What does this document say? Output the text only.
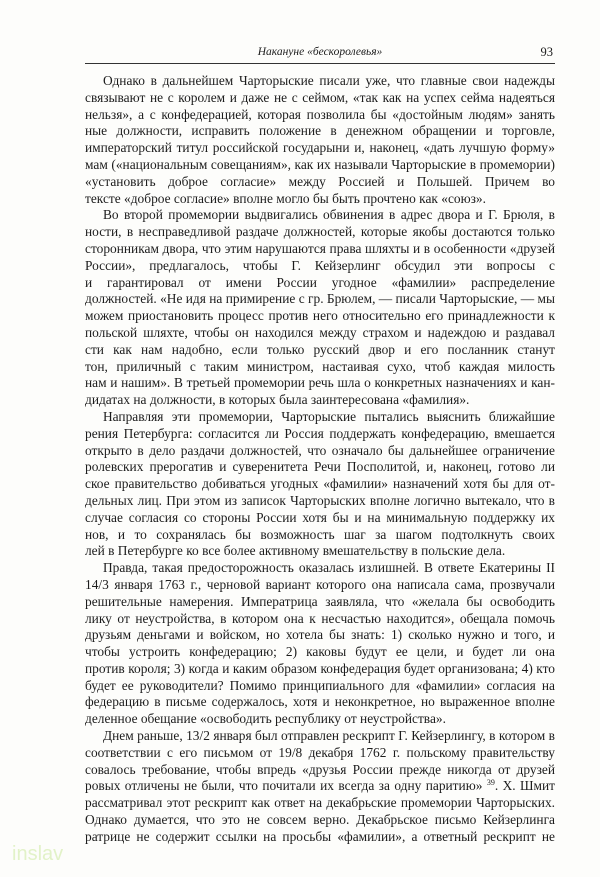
Накануне «бескоролевья»	93
Однако в дальнейшем Чарторыские писали уже, что главные свои надежды
связывают не с королем и даже не с сеймом, «так как на успех сейма надеяться
нельзя», а с конфедерацией, которая позволила бы «достойным людям» занять
ные должности, исправить положение в денежном обращении и торговле,
императорский титул российской государыни и, наконец, «дать лучшую форму»
мам («национальным совещаниям», как их называли Чарторыские в промемории)
«установить доброе согласие» между Россией и Польшей. Причем во
тексте «доброе согласие» вполне могло бы быть прочтено как «союз».
Во второй промемории выдвигались обвинения в адрес двора и Г. Брюля, в
ности, в несправедливой раздаче должностей, которые якобы достаются только
сторонникам двора, что этим нарушаются права шляхты и в особенности «друзей
России», предлагалось, чтобы Г. Кейзерлинг обсудил эти вопросы с
и гарантировал от имени России угодное «фамилии» распределение
должностей. «Не идя на примирение с гр. Брюлем, — писали Чарторыские, — мы
можем приостановить процесс против него относительно его принадлежности к
польской шляхте, чтобы он находился между страхом и надеждою и раздавал
сти как нам надобно, если только русский двор и его посланник станут
тон, приличный с таким министром, настаивая сухо, чтоб каждая милость
нам и нашим». В третьей промемории речь шла о конкретных назначениях и кан-
дидатах на должности, в которых была заинтересована «фамилия».
Направляя эти промемории, Чарторыские пытались выяснить ближайшие
рения Петербурга: согласится ли Россия поддержать конфедерацию, вмешается
открыто в дело раздачи должностей, что означало бы дальнейшее ограничение
ролевских прерогатив и суверенитета Речи Посполитой, и, наконец, готово ли
ское правительство добиваться угодных «фамилии» назначений хотя бы для от-
дельных лиц. При этом из записок Чарторыских вполне логично вытекало, что в
случае согласия со стороны России хотя бы и на минимальную поддержку их
нов, и то сохранялась бы возможность шаг за шагом подтолкнуть своих
лей в Петербурге ко все более активному вмешательству в польские дела.
Правда, такая предосторожность оказалась излишней. В ответе Екатерины II
14/3 января 1763 г., черновой вариант которого она написала сама, прозвучали
решительные намерения. Императрица заявляла, что «желала бы освободить
лику от неустройства, в котором она к несчастью находится», обещала помочь
друзьям деньгами и войском, но хотела бы знать: 1) сколько нужно и того, и
чтобы устроить конфедерацию; 2) каковы будут ее цели, и будет ли она
против короля; 3) когда и каким образом конфедерация будет организована; 4) кто
будет ее руководители? Помимо принципиального для «фамилии» согласия на
федерацию в письме содержалось, хотя и неконкретное, но выраженное вполне
деленное обещание «освободить республику от неустройства».
Днем раньше, 13/2 января был отправлен рескрипт Г. Кейзерлингу, в котором в
соответствии с его письмом от 19/8 декабря 1762 г. польскому правительству
совалось требование, чтобы впредь «друзья России прежде никогда от друзей
ровых отличены не были, что почитали их всегда за одну паритию» $^{39}$. Х. Шмит
рассматривал этот рескрипт как ответ на декабрьские промемории Чарторыских.
Однако думается, что это не совсем верно. Декабрьское письмо Кейзерлинга
ратрице не содержит ссылки на просьбы «фамилии», а ответный рескрипт не
inslav
